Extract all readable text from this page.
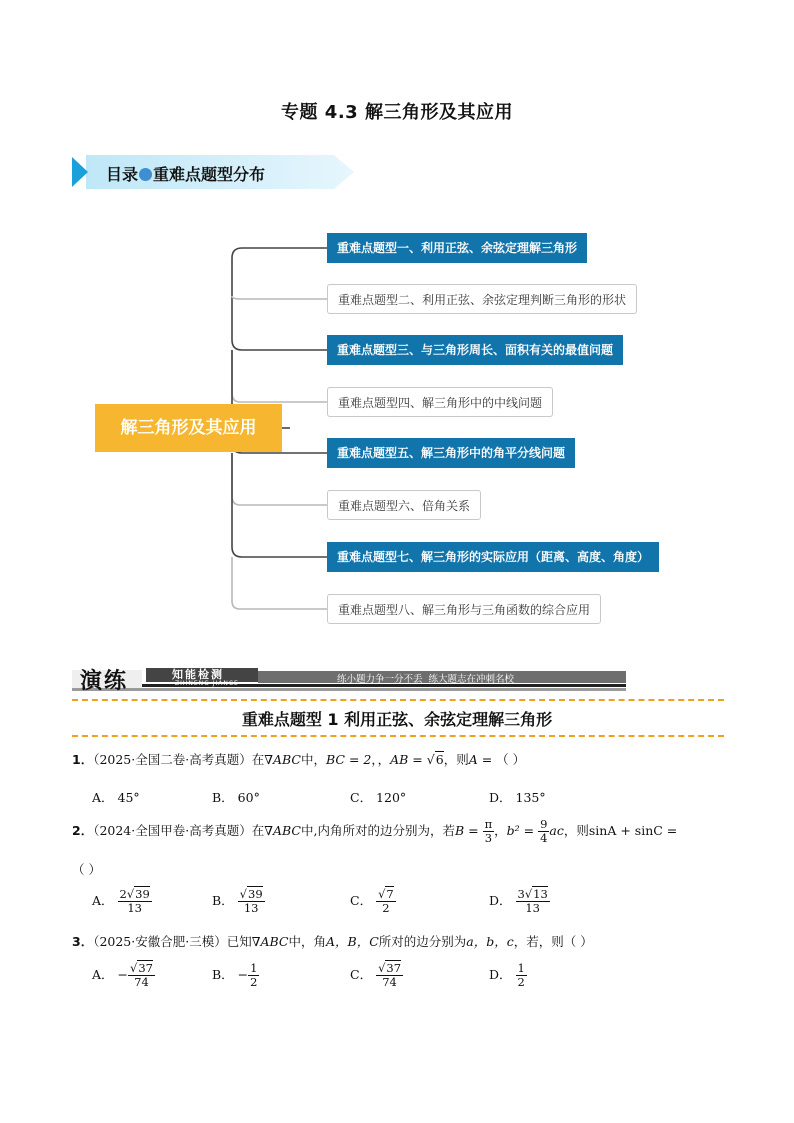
专题 4.3 解三角形及其应用
目录 重难点题型分布
解三角形及其应用
重难点题型一、利用正弦、余弦定理解三角形
重难点题型二、利用正弦、余弦定理判断三角形的形状
重难点题型三、与三角形周长、面积有关的最值问题
重难点题型四、解三角形中的中线问题
重难点题型五、解三角形中的角平分线问题
重难点题型六、倍角关系
重难点题型七、解三角形的实际应用（距离、高度、角度）
重难点题型八、解三角形与三角函数的综合应用
演练	知能检测
ZHINENG JIANCE	练小题力争一分不丢  练大题志在冲刺名校
重难点题型 1 利用正弦、余弦定理解三角形
1．（2025·全国二卷·高考真题）在∇ABC中，BC = 2，，AB = √6，则A = （ ）
A． 45°	B． 60°	C． 120°	D． 135°
2．（2024·全国甲卷·高考真题）在∇ABC中,内角所对的边分别为，若$B = \frac{\pi}{3}$ ，$b^2 = \frac{9}{4}$ ac，则sinA + sinC =
（ ）
A． $\frac{2√39}{13}$	B． $\frac{√39}{13}$	C． $\frac{√7}{2}$	D． $\frac{3√13}{13}$
3．（2025·安徽合肥·三模）已知∇ABC中，角A，B，C所对的边分别为a，b，c，若，则（ ）
A． − $\frac{√37}{74}$	B． − $\frac{1}{2}$	C． $\frac{√37}{74}$	D． $\frac{1}{2}$
